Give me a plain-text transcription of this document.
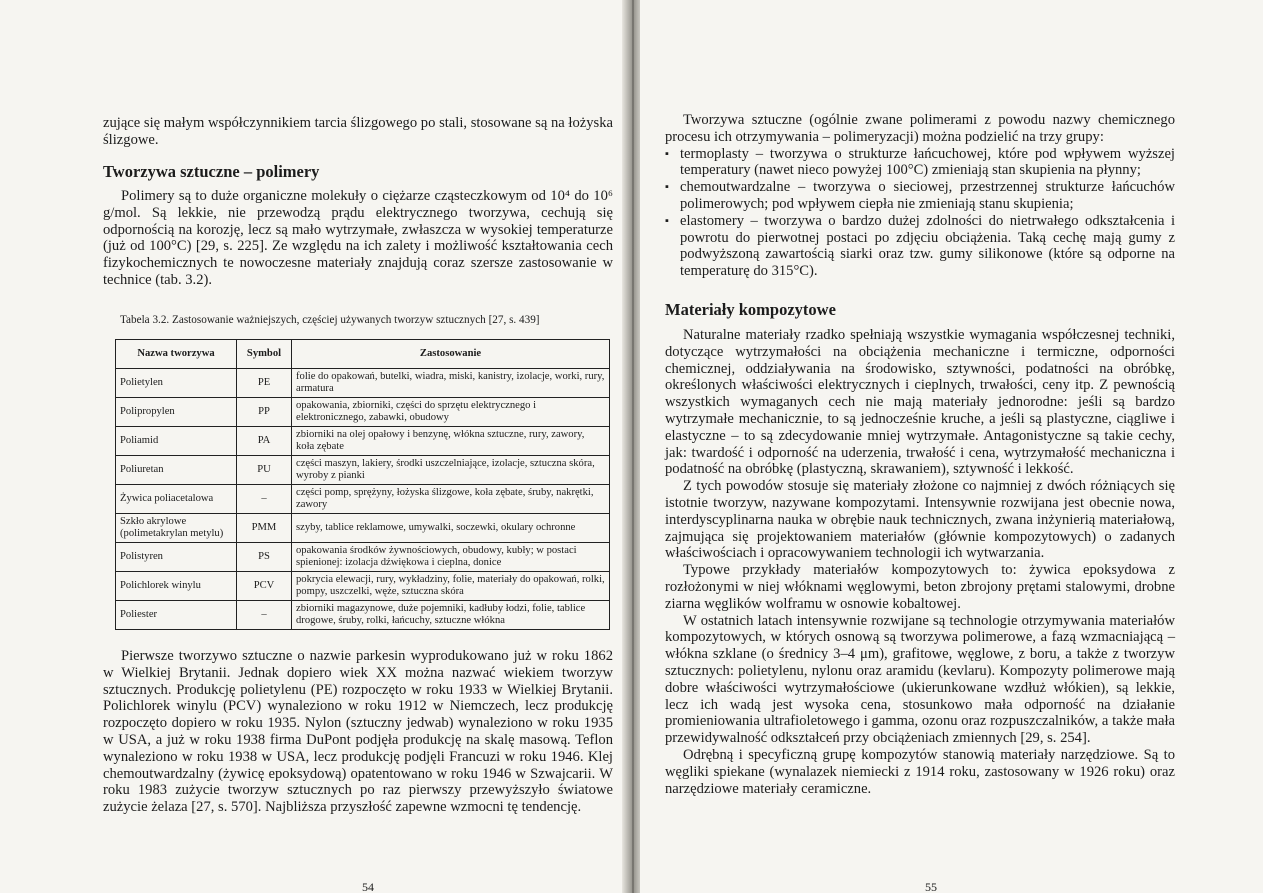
zujące się małym współczynnikiem tarcia ślizgowego po stali, stosowane są na łożyska ślizgowe.

Tworzywa sztuczne – polimery

Polimery są to duże organiczne molekuły o ciężarze cząsteczkowym od 10⁴ do 10⁶ g/mol. Są lekkie, nie przewodzą prądu elektrycznego tworzywa, cechują się odpornością na korozję, lecz są mało wytrzymałe, zwłaszcza w wysokiej temperaturze (już od 100°C) [29, s. 225]. Ze względu na ich zalety i możliwość kształtowania cech fizykochemicznych te nowoczesne materiały znajdują coraz szersze zastosowanie w technice (tab. 3.2).

Tabela 3.2. Zastosowanie ważniejszych, częściej używanych tworzyw sztucznych [27, s. 439]
Nazwa tworzywa	Symbol	Zastosowanie
Polietylen	PE	folie do opakowań, butelki, wiadra, miski, kanistry, izolacje, worki, rury, armatura
Polipropylen	PP	opakowania, zbiorniki, części do sprzętu elektrycznego i elektronicznego, zabawki, obudowy
Poliamid	PA	zbiorniki na olej opałowy i benzynę, włókna sztuczne, rury, zawory, koła zębate
Poliuretan	PU	części maszyn, lakiery, środki uszczelniające, izolacje, sztuczna skóra, wyroby z pianki
Żywica poliacetalowa	–	części pomp, sprężyny, łożyska ślizgowe, koła zębate, śruby, nakrętki, zawory
Szkło akrylowe (polimetakrylan metylu)	PMM	szyby, tablice reklamowe, umywalki, soczewki, okulary ochronne
Polistyren	PS	opakowania środków żywnościowych, obudowy, kubły; w postaci spienionej: izolacja dźwiękowa i cieplna, donice
Polichlorek winylu	PCV	pokrycia elewacji, rury, wykładziny, folie, materiały do opakowań, rolki, pompy, uszczelki, węże, sztuczna skóra
Poliester	–	zbiorniki magazynowe, duże pojemniki, kadłuby łodzi, folie, tablice drogowe, śruby, rolki, łańcuchy, sztuczne włókna

Pierwsze tworzywo sztuczne o nazwie parkesin wyprodukowano już w roku 1862 w Wielkiej Brytanii. Jednak dopiero wiek XX można nazwać wiekiem tworzyw sztucznych. Produkcję polietylenu (PE) rozpoczęto w roku 1933 w Wielkiej Brytanii. Polichlorek winylu (PCV) wynaleziono w roku 1912 w Niemczech, lecz produkcję rozpoczęto dopiero w roku 1935. Nylon (sztuczny jedwab) wynaleziono w roku 1935 w USA, a już w roku 1938 firma DuPont podjęła produkcję na skalę masową. Teflon wynaleziono w roku 1938 w USA, lecz produkcję podjęli Francuzi w roku 1946. Klej chemoutwardzalny (żywicę epoksydową) opatentowano w roku 1946 w Szwajcarii. W roku 1983 zużycie tworzyw sztucznych po raz pierwszy przewyższyło światowe zużycie żelaza [27, s. 570]. Najbliższa przyszłość zapewne wzmocni tę tendencję.

54

Tworzywa sztuczne (ogólnie zwane polimerami z powodu nazwy chemicznego procesu ich otrzymywania – polimeryzacji) można podzielić na trzy grupy:

▪ termoplasty – tworzywa o strukturze łańcuchowej, które pod wpływem wyższej temperatury (nawet nieco powyżej 100°C) zmieniają stan skupienia na płynny;
▪ chemoutwardzalne – tworzywa o sieciowej, przestrzennej strukturze łańcuchów polimerowych; pod wpływem ciepła nie zmieniają stanu skupienia;
▪ elastomery – tworzywa o bardzo dużej zdolności do nietrwałego odkształcenia i powrotu do pierwotnej postaci po zdjęciu obciążenia. Taką cechę mają gumy z podwyższoną zawartością siarki oraz tzw. gumy silikonowe (które są odporne na temperaturę do 315°C).
Materiały kompozytowe

Naturalne materiały rzadko spełniają wszystkie wymagania współczesnej techniki, dotyczące wytrzymałości na obciążenia mechaniczne i termiczne, odporności chemicznej, oddziaływania na środowisko, sztywności, podatności na obróbkę, określonych właściwości elektrycznych i cieplnych, trwałości, ceny itp. Z pewnością wszystkich wymaganych cech nie mają materiały jednorodne: jeśli są bardzo wytrzymałe mechanicznie, to są jednocześnie kruche, a jeśli są plastyczne, ciągliwe i elastyczne – to są zdecydowanie mniej wytrzymałe. Antagonistyczne są takie cechy, jak: twardość i odporność na uderzenia, trwałość i cena, wytrzymałość mechaniczna i podatność na obróbkę (plastyczną, skrawaniem), sztywność i lekkość.

Z tych powodów stosuje się materiały złożone co najmniej z dwóch różniących się istotnie tworzyw, nazywane kompozytami. Intensywnie rozwijana jest obecnie nowa, interdyscyplinarna nauka w obrębie nauk technicznych, zwana inżynierią materiałową, zajmująca się projektowaniem materiałów (głównie kompozytowych) o zadanych właściwościach i opracowywaniem technologii ich wytwarzania.

Typowe przykłady materiałów kompozytowych to: żywica epoksydowa z rozłożonymi w niej włóknami węglowymi, beton zbrojony prętami stalowymi, drobne ziarna węglików wolframu w osnowie kobaltowej.

W ostatnich latach intensywnie rozwijane są technologie otrzymywania materiałów kompozytowych, w których osnową są tworzywa polimerowe, a fazą wzmacniającą – włókna szklane (o średnicy 3–4 μm), grafitowe, węglowe, z boru, a także z tworzyw sztucznych: polietylenu, nylonu oraz aramidu (kevlaru). Kompozyty polimerowe mają dobre właściwości wytrzymałościowe (ukierunkowane wzdłuż włókien), są lekkie, lecz ich wadą jest wysoka cena, stosunkowo mała odporność na działanie promieniowania ultrafioletowego i gamma, ozonu oraz rozpuszczalników, a także mała przewidywalność odkształceń przy obciążeniach zmiennych [29, s. 254].

Odrębną i specyficzną grupę kompozytów stanowią materiały narzędziowe. Są to węgliki spiekane (wynalazek niemiecki z 1914 roku, zastosowany w 1926 roku) oraz narzędziowe materiały ceramiczne.

55
